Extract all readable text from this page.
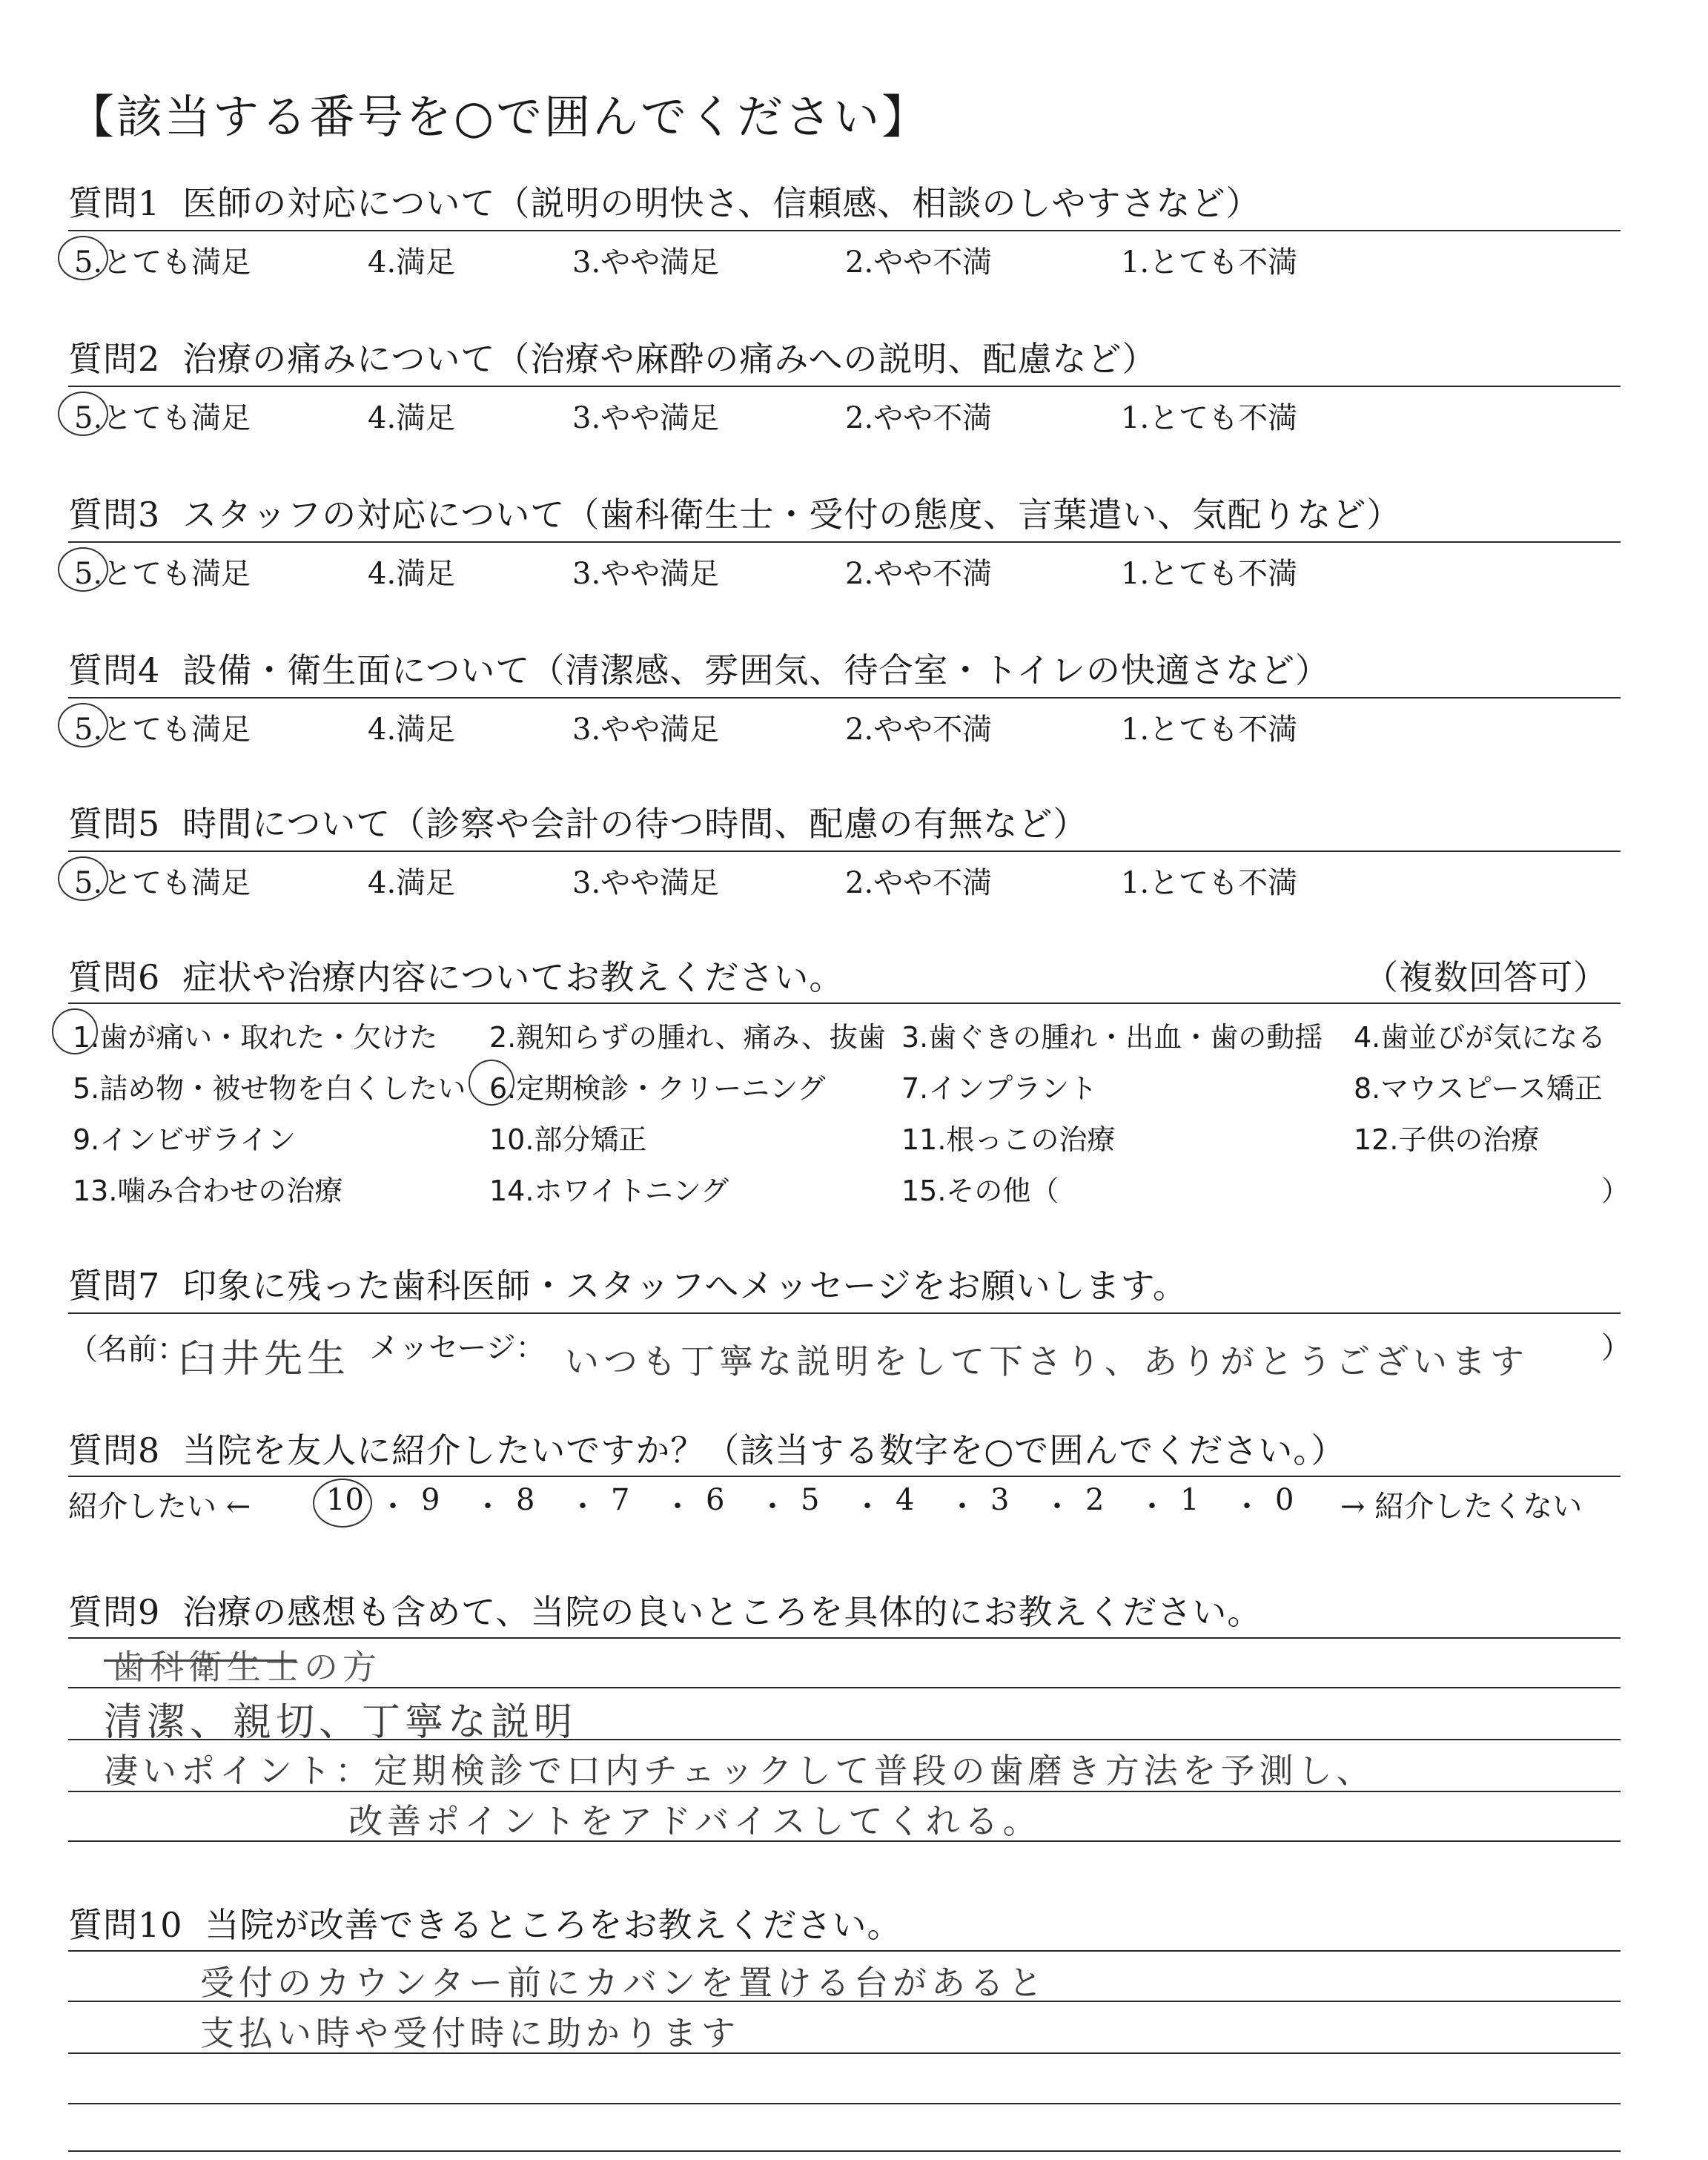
【該当する番号を○で囲んでください】
質問1 医師の対応について（説明の明快さ、信頼感、相談のしやすさなど）
5.とても満足	4.満足	3.やや満足	2.やや不満	1.とても不満
質問2 治療の痛みについて（治療や麻酔の痛みへの説明、配慮など）
5.とても満足	4.満足	3.やや満足	2.やや不満	1.とても不満
質問3 スタッフの対応について（歯科衛生士・受付の態度、言葉遣い、気配りなど）
5.とても満足	4.満足	3.やや満足	2.やや不満	1.とても不満
質問4 設備・衛生面について（清潔感、雰囲気、待合室・トイレの快適さなど）
5.とても満足	4.満足	3.やや満足	2.やや不満	1.とても不満
質問5 時間について（診察や会計の待つ時間、配慮の有無など）
5.とても満足	4.満足	3.やや満足	2.やや不満	1.とても不満
質問6 症状や治療内容についてお教えください。	（複数回答可）
1.歯が痛い・取れた・欠けた 2.親知らずの腫れ、痛み、抜歯 3.歯ぐきの腫れ・出血・歯の動揺 4.歯並びが気になる
5.詰め物・被せ物を白くしたい 6.定期検診・クリーニング	7.インプラント	8.マウスピース矯正
9.インビザライン	10.部分矯正	11.根っこの治療	12.子供の治療
13.噛み合わせの治療	14.ホワイトニング	15.その他（	）
質問7 印象に残った歯科医師・スタッフへメッセージをお願いします。
（名前：
臼井先生 メッセージ： いつも丁寧な説明をして下さり、ありがとうございます ）
質問8 当院を友人に紹介したいですか？（該当する数字を○で囲んでください。）
紹介したい ←	10 ・ 9 ・ 8 ・ 7 ・ 6 ・ 5 ・ 4 ・ 3 ・ 2 ・ 1 ・ 0 → 紹介したくない
質問9 治療の感想も含めて、当院の良いところを具体的にお教えください。
歯科衛生士の方
清潔、親切、丁寧な説明
凄いポイント：定期検診で口内チェックして普段の歯磨き方法を予測し、
改善ポイントをアドバイスしてくれる。
質問10 当院が改善できるところをお教えください。
受付のカウンター前にカバンを置ける台があると
支払い時や受付時に助かります
